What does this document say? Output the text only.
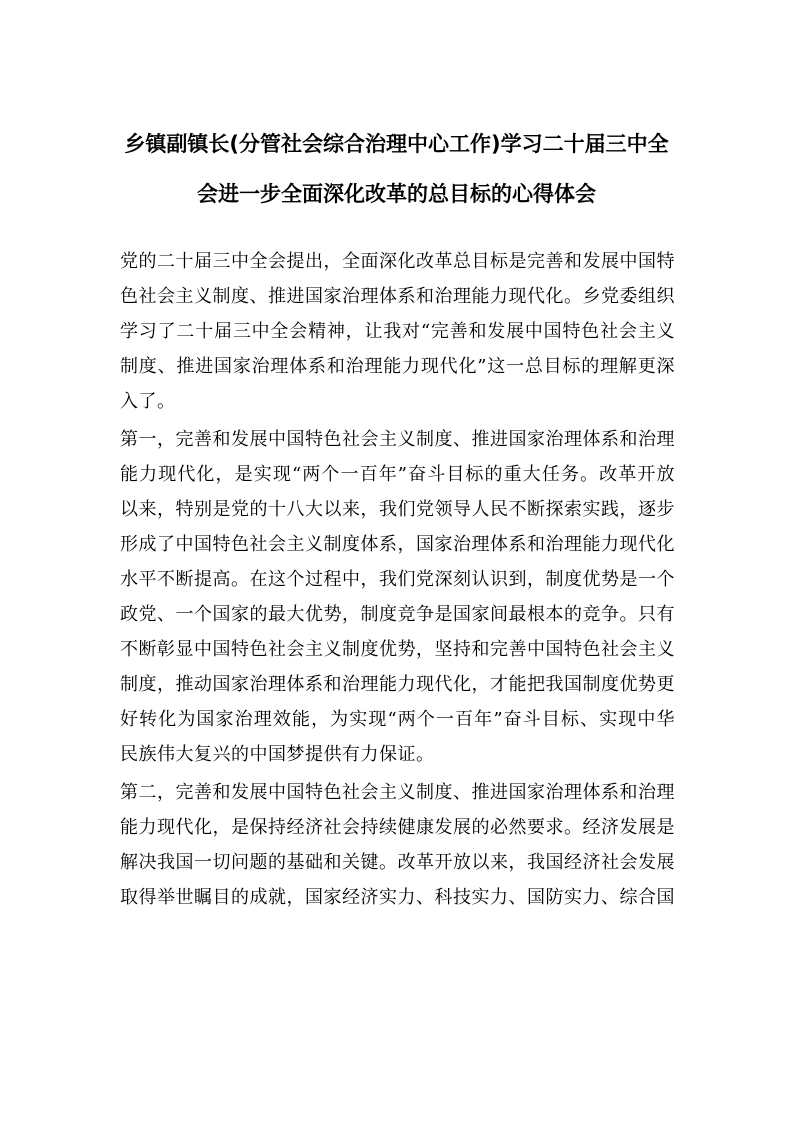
乡镇副镇长(分管社会综合治理中心工作)学习二十届三中全
会进一步全面深化改革的总目标的心得体会

党的二十届三中全会提出，全面深化改革总目标是完善和发展中国特
色社会主义制度、推进国家治理体系和治理能力现代化。乡党委组织
学习了二十届三中全会精神，让我对“完善和发展中国特色社会主义
制度、推进国家治理体系和治理能力现代化”这一总目标的理解更深
入了。

第一，完善和发展中国特色社会主义制度、推进国家治理体系和治理
能力现代化，是实现“两个一百年”奋斗目标的重大任务。改革开放
以来，特别是党的十八大以来，我们党领导人民不断探索实践，逐步
形成了中国特色社会主义制度体系，国家治理体系和治理能力现代化
水平不断提高。在这个过程中，我们党深刻认识到，制度优势是一个
政党、一个国家的最大优势，制度竞争是国家间最根本的竞争。只有
不断彰显中国特色社会主义制度优势，坚持和完善中国特色社会主义
制度，推动国家治理体系和治理能力现代化，才能把我国制度优势更
好转化为国家治理效能，为实现“两个一百年”奋斗目标、实现中华
民族伟大复兴的中国梦提供有力保证。

第二，完善和发展中国特色社会主义制度、推进国家治理体系和治理
能力现代化，是保持经济社会持续健康发展的必然要求。经济发展是
解决我国一切问题的基础和关键。改革开放以来，我国经济社会发展
取得举世瞩目的成就，国家经济实力、科技实力、国防实力、综合国
